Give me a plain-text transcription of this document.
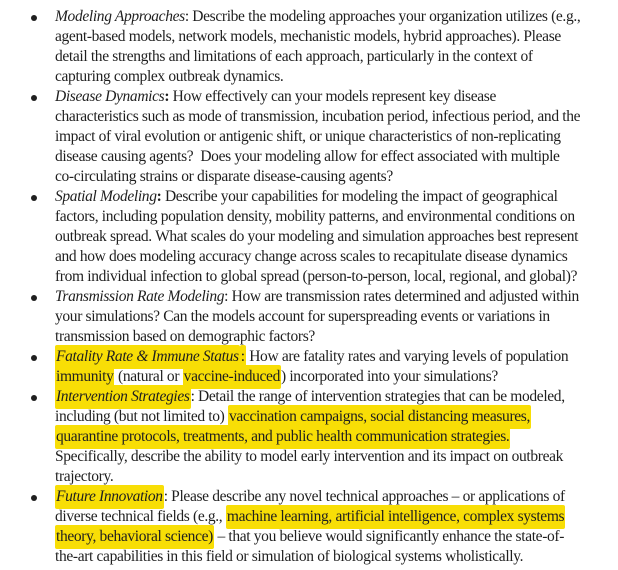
Modeling Approaches: Describe the modeling approaches your organization utilizes (e.g.,
agent-based models, network models, mechanistic models, hybrid approaches). Please
detail the strengths and limitations of each approach, particularly in the context of
capturing complex outbreak dynamics.
Disease Dynamics: How effectively can your models represent key disease
characteristics such as mode of transmission, incubation period, infectious period, and the
impact of viral evolution or antigenic shift, or unique characteristics of non-replicating
disease causing agents?  Does your modeling allow for effect associated with multiple
co-circulating strains or disparate disease-causing agents?
Spatial Modeling: Describe your capabilities for modeling the impact of geographical
factors, including population density, mobility patterns, and environmental conditions on
outbreak spread. What scales do your modeling and simulation approaches best represent
and how does modeling accuracy change across scales to recapitulate disease dynamics
from individual infection to global spread (person-to-person, local, regional, and global)?
Transmission Rate Modeling: How are transmission rates determined and adjusted within
your simulations? Can the models account for superspreading events or variations in
transmission based on demographic factors?
Fatality Rate & Immune Status : How are fatality rates and varying levels of population
immunity (natural or vaccine-induced) incorporated into your simulations?
Intervention Strategies: Detail the range of intervention strategies that can be modeled,
including (but not limited to) vaccination campaigns, social distancing measures,
quarantine protocols, treatments, and public health communication strategies.
Specifically, describe the ability to model early intervention and its impact on outbreak
trajectory.
Future Innovation: Please describe any novel technical approaches – or applications of
diverse technical fields (e.g., machine learning, artificial intelligence, complex systems
theory, behavioral science) – that you believe would significantly enhance the state-of-
the-art capabilities in this field or simulation of biological systems wholistically.
